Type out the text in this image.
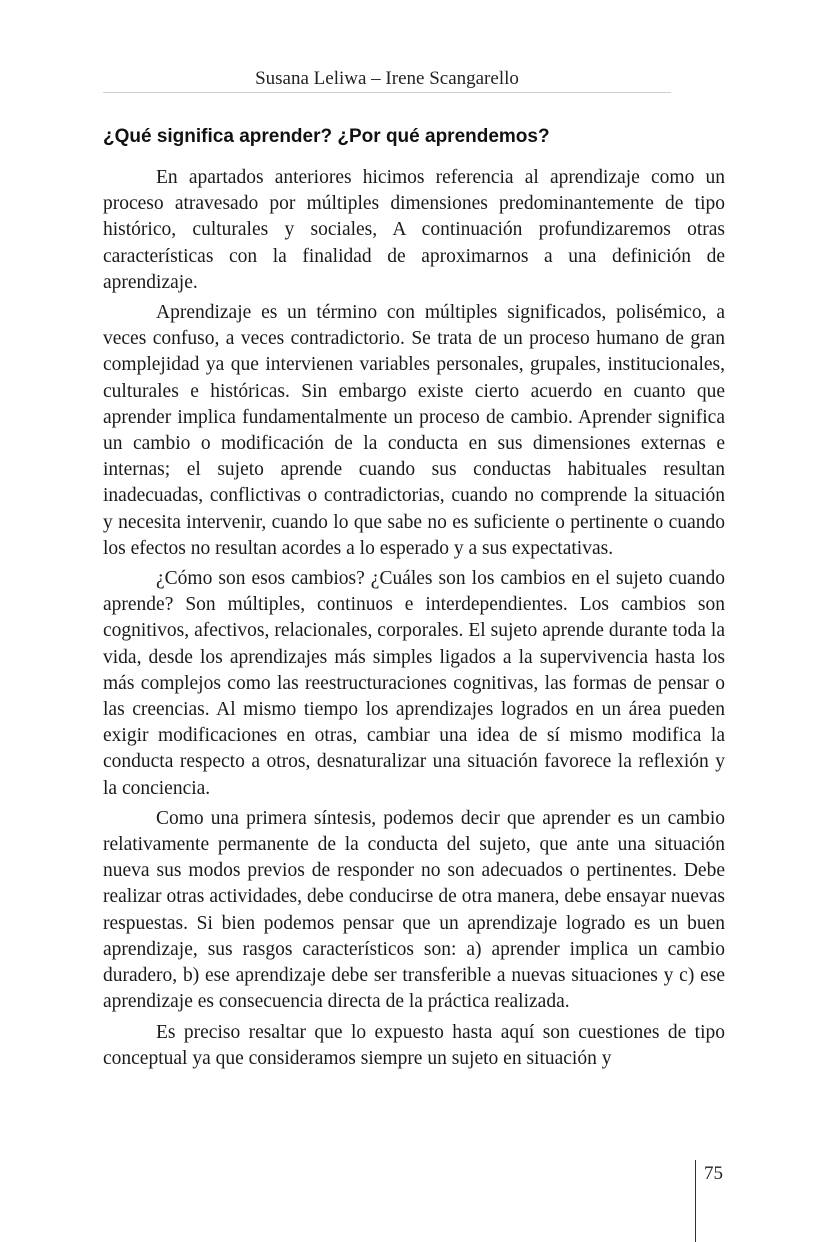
Susana Leliwa – Irene Scangarello
¿Qué significa aprender? ¿Por qué aprendemos?

En apartados anteriores hicimos referencia al aprendizaje como un proceso atravesado por múltiples dimensiones predominantemente de tipo histórico, culturales y sociales, A continuación profundizaremos otras características con la finalidad de aproximarnos a una definición de aprendizaje.

Aprendizaje es un término con múltiples significados, polisémico, a veces confuso, a veces contradictorio. Se trata de un proceso humano de gran complejidad ya que intervienen variables personales, grupales, institucionales, culturales e históricas. Sin embargo existe cierto acuerdo en cuanto que aprender implica fundamentalmente un proceso de cambio. Aprender significa un cambio o modificación de la conducta en sus dimensiones externas e internas; el sujeto aprende cuando sus conductas habituales resultan inadecuadas, conflictivas o contradictorias, cuando no comprende la situación y necesita intervenir, cuando lo que sabe no es suficiente o pertinente o cuando los efectos no resultan acordes a lo esperado y a sus expectativas.

¿Cómo son esos cambios? ¿Cuáles son los cambios en el sujeto cuando aprende? Son múltiples, continuos e interdependientes. Los cambios son cognitivos, afectivos, relacionales, corporales. El sujeto aprende durante toda la vida, desde los aprendizajes más simples ligados a la supervivencia hasta los más complejos como las reestructuraciones cognitivas, las formas de pensar o las creencias. Al mismo tiempo los aprendizajes logrados en un área pueden exigir modificaciones en otras, cambiar una idea de sí mismo modifica la conducta respecto a otros, desnaturalizar una situación favorece la reflexión y la conciencia.

Como una primera síntesis, podemos decir que aprender es un cambio relativamente permanente de la conducta del sujeto, que ante una situación nueva sus modos previos de responder no son adecuados o pertinentes. Debe realizar otras actividades, debe conducirse de otra manera, debe ensayar nuevas respuestas. Si bien podemos pensar que un aprendizaje logrado es un buen aprendizaje, sus rasgos característicos son: a) aprender implica un cambio duradero, b) ese aprendizaje debe ser transferible a nuevas situaciones y c) ese aprendizaje es consecuencia directa de la práctica realizada.

Es preciso resaltar que lo expuesto hasta aquí son cuestiones de tipo conceptual ya que consideramos siempre un sujeto en situación y

75
